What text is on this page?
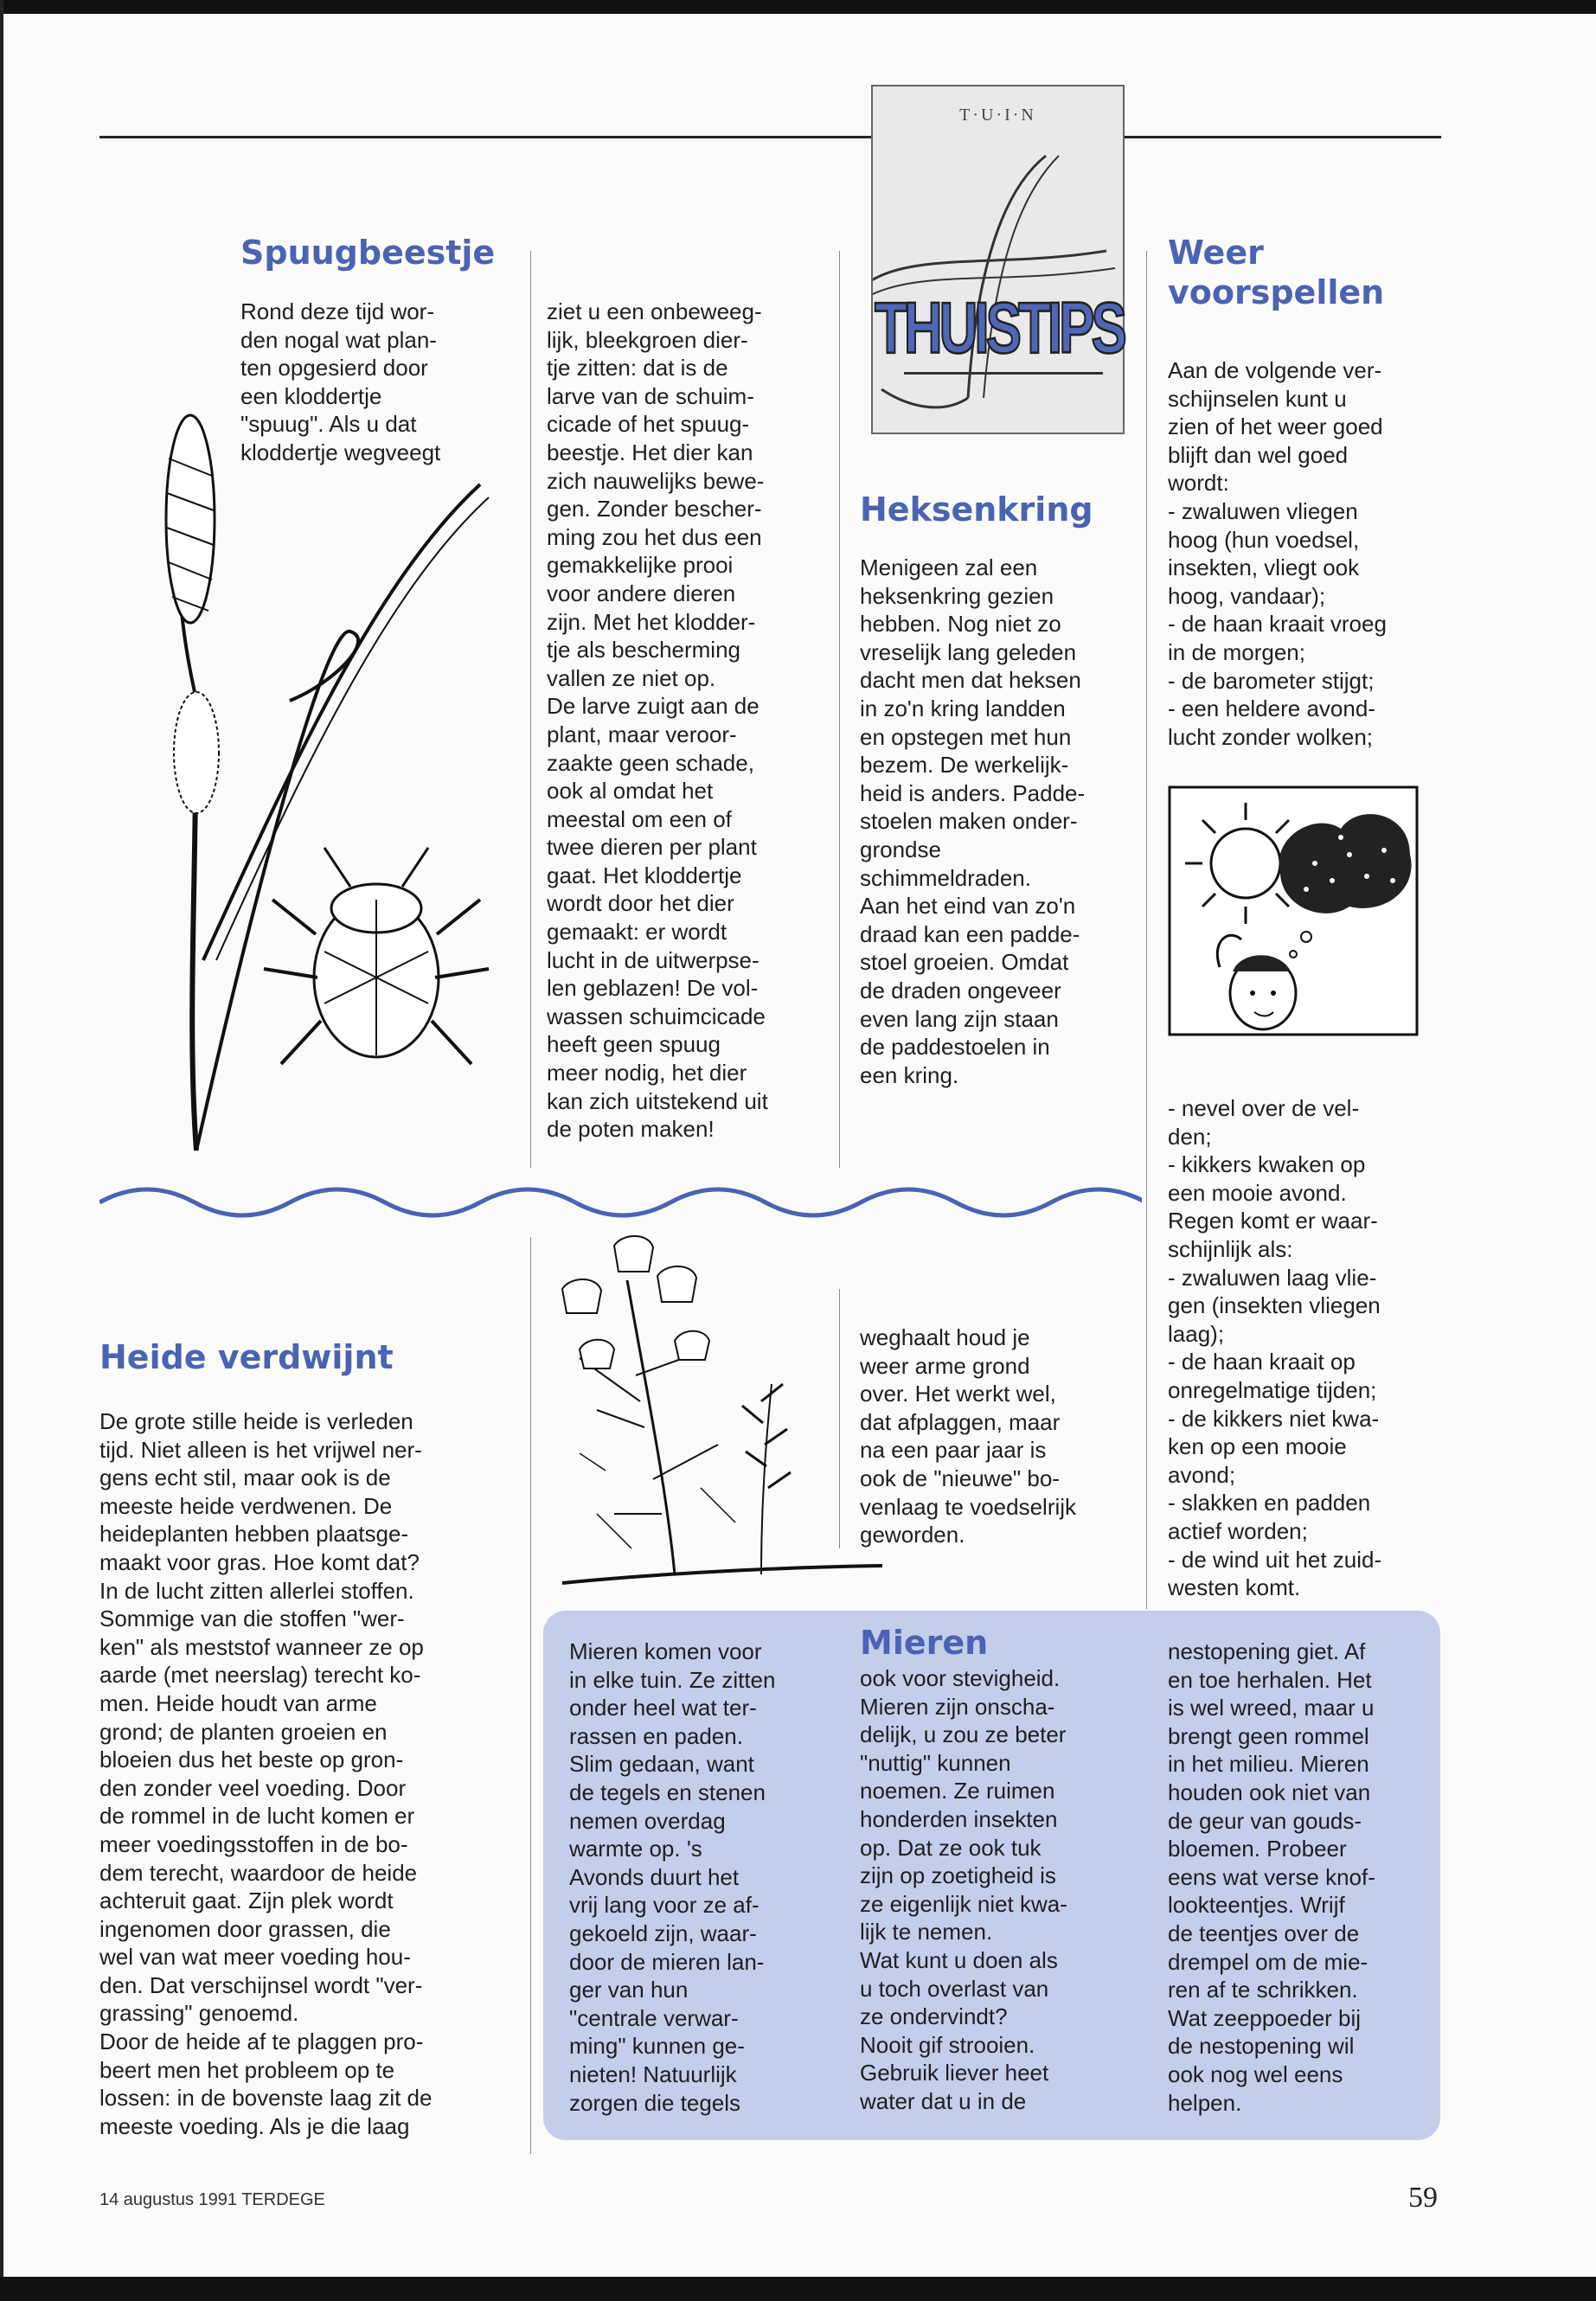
T·U·I·N
THUISTIPS
Spuugbeestje
Rond deze tijd wor-
den nogal wat plan-
ten opgesierd door
een kloddertje
"spuug". Als u dat
kloddertje wegveegt
ziet u een onbeweeg-
lijk, bleekgroen dier-
tje zitten: dat is de
larve van de schuim-
cicade of het spuug-
beestje. Het dier kan
zich nauwelijks bewe-
gen. Zonder bescher-
ming zou het dus een
gemakkelijke prooi
voor andere dieren
zijn. Met het klodder-
tje als bescherming
vallen ze niet op.
De larve zuigt aan de
plant, maar veroor-
zaakte geen schade,
ook al omdat het
meestal om een of
twee dieren per plant
gaat. Het kloddertje
wordt door het dier
gemaakt: er wordt
lucht in de uitwerpse-
len geblazen! De vol-
wassen schuimcicade
heeft geen spuug
meer nodig, het dier
kan zich uitstekend uit
de poten maken!
Heksenkring
Menigeen zal een
heksenkring gezien
hebben. Nog niet zo
vreselijk lang geleden
dacht men dat heksen
in zo'n kring landden
en opstegen met hun
bezem. De werkelijk-
heid is anders. Padde-
stoelen maken onder-
grondse
schimmeldraden.
Aan het eind van zo'n
draad kan een padde-
stoel groeien. Omdat
de draden ongeveer
even lang zijn staan
de paddestoelen in
een kring.
Weer
voorspellen
Aan de volgende ver-
schijnselen kunt u
zien of het weer goed
blijft dan wel goed
wordt:
- zwaluwen vliegen
hoog (hun voedsel,
insekten, vliegt ook
hoog, vandaar);
- de haan kraait vroeg
in de morgen;
- de barometer stijgt;
- een heldere avond-
lucht zonder wolken;
- nevel over de vel-
den;
- kikkers kwaken op
een mooie avond.
Regen komt er waar-
schijnlijk als:
- zwaluwen laag vlie-
gen (insekten vliegen
laag);
- de haan kraait op
onregelmatige tijden;
- de kikkers niet kwa-
ken op een mooie
avond;
- slakken en padden
actief worden;
- de wind uit het zuid-
westen komt.
Heide verdwijnt
De grote stille heide is verleden
tijd. Niet alleen is het vrijwel ner-
gens echt stil, maar ook is de
meeste heide verdwenen. De
heideplanten hebben plaatsge-
maakt voor gras. Hoe komt dat?
In de lucht zitten allerlei stoffen.
Sommige van die stoffen "wer-
ken" als meststof wanneer ze op
aarde (met neerslag) terecht ko-
men. Heide houdt van arme
grond; de planten groeien en
bloeien dus het beste op gron-
den zonder veel voeding. Door
de rommel in de lucht komen er
meer voedingsstoffen in de bo-
dem terecht, waardoor de heide
achteruit gaat. Zijn plek wordt
ingenomen door grassen, die
wel van wat meer voeding hou-
den. Dat verschijnsel wordt "ver-
grassing" genoemd.
Door de heide af te plaggen pro-
beert men het probleem op te
lossen: in de bovenste laag zit de
meeste voeding. Als je die laag
weghaalt houd je
weer arme grond
over. Het werkt wel,
dat afplaggen, maar
na een paar jaar is
ook de "nieuwe" bo-
venlaag te voedselrijk
geworden.
Mieren komen voor
in elke tuin. Ze zitten
onder heel wat ter-
rassen en paden.
Slim gedaan, want
de tegels en stenen
nemen overdag
warmte op. 's
Avonds duurt het
vrij lang voor ze af-
gekoeld zijn, waar-
door de mieren lan-
ger van hun
"centrale verwar-
ming" kunnen ge-
nieten! Natuurlijk
zorgen die tegels
Mieren
ook voor stevigheid.
Mieren zijn onscha-
delijk, u zou ze beter
"nuttig" kunnen
noemen. Ze ruimen
honderden insekten
op. Dat ze ook tuk
zijn op zoetigheid is
ze eigenlijk niet kwa-
lijk te nemen.
Wat kunt u doen als
u toch overlast van
ze ondervindt?
Nooit gif strooien.
Gebruik liever heet
water dat u in de
nestopening giet. Af
en toe herhalen. Het
is wel wreed, maar u
brengt geen rommel
in het milieu. Mieren
houden ook niet van
de geur van gouds-
bloemen. Probeer
eens wat verse knof-
lookteentjes. Wrijf
de teentjes over de
drempel om de mie-
ren af te schrikken.
Wat zeeppoeder bij
de nestopening wil
ook nog wel eens
helpen.
14 augustus 1991 TERDEGE	59
